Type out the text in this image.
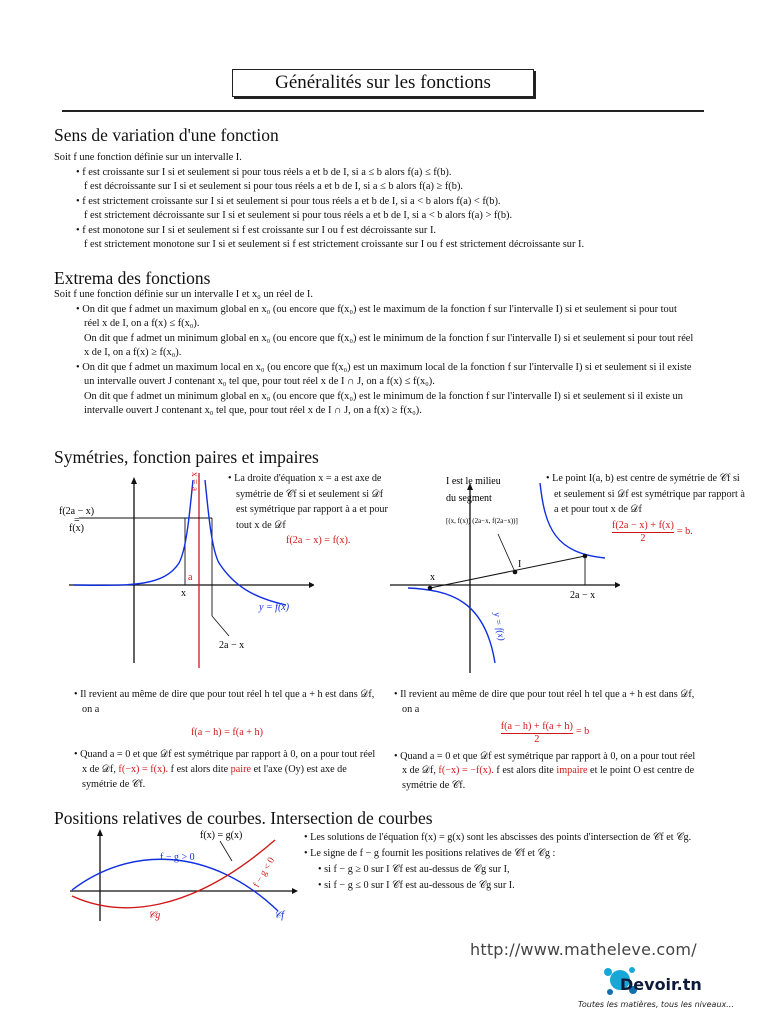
Généralités sur les fonctions
Sens de variation d'une fonction

Soit f une fonction définie sur un intervalle I.

• f est croissante sur I si et seulement si pour tous réels a et b de I, si a ≤ b alors f(a) ≤ f(b).

f est décroissante sur I si et seulement si pour tous réels a et b de I, si a ≤ b alors f(a) ≥ f(b).

• f est strictement croissante sur I si et seulement si pour tous réels a et b de I, si a < b alors f(a) < f(b).

f est strictement décroissante sur I si et seulement si pour tous réels a et b de I, si a < b alors f(a) > f(b).

• f est monotone sur I si et seulement si f est croissante sur I ou f est décroissante sur I.

f est strictement monotone sur I si et seulement si f est strictement croissante sur I ou f est strictement décroissante sur I.

Extrema des fonctions

Soit f une fonction définie sur un intervalle I et x₀ un réel de I.

• On dit que f admet un maximum global en x₀ (ou encore que f(x₀) est le maximum de la fonction f sur l'intervalle I) si et seulement si pour tout réel x de I, on a f(x) ≤ f(x₀).

On dit que f admet un minimum global en x₀ (ou encore que f(x₀) est le minimum de la fonction f sur l'intervalle I) si et seulement si pour tout réel x de I, on a f(x) ≥ f(x₀).

• On dit que f admet un maximum local en x₀ (ou encore que f(x₀) est un maximum local de la fonction f sur l'intervalle I) si et seulement si il existe un intervalle ouvert J contenant x₀ tel que, pour tout réel x de I ∩ J, on a f(x) ≤ f(x₀).

On dit que f admet un minimum global en x₀ (ou encore que f(x₀) est le minimum de la fonction f sur l'intervalle I) si et seulement si il existe un intervalle ouvert J contenant x₀ tel que, pour tout réel x de I ∩ J, on a f(x) ≥ f(x₀).

Symétries, fonction paires et impaires
f(2a − x)
=
f(x)
x = a
a
x
2a − x
y = f(x)
• La droite d'équation x = a est axe de symétrie de 𝒞f si et seulement si 𝒟f est symétrique par rapport à a et pour tout x de 𝒟f
f(2a − x) = f(x).
I est le milieu
du segment
[(x, f(x)) (2a−x, f(2a−x))]
I
x
2a − x
y = f(x)
• Le point I(a, b) est centre de symétrie de 𝒞f si et seulement si 𝒟f est symétrique par rapport à a et pour tout x de 𝒟f
$\frac{f(2a - x) + f(x)}{2} = b$.

• Il revient au même de dire que pour tout réel h tel que a + h est dans 𝒟f, on a

f(a − h) = f(a + h)

• Quand a = 0 et que 𝒟f est symétrique par rapport à 0, on a pour tout réel x de 𝒟f, f(−x) = f(x). f est alors dite paire et l'axe (Oy) est axe de symétrie de 𝒞f.

• Il revient au même de dire que pour tout réel h tel que a + h est dans 𝒟f, on a

$\frac{f(a - h) + f(a + h)}{2} = b$

• Quand a = 0 et que 𝒟f est symétrique par rapport à 0, on a pour tout réel x de 𝒟f, f(−x) = −f(x). f est alors dite impaire et le point O est centre de symétrie de 𝒞f.

Positions relatives de courbes. Intersection de courbes
f(x) = g(x)
f − g > 0	f − g < 0
𝒞g	𝒞f

• Les solutions de l'équation f(x) = g(x) sont les abscisses des points d'intersection de 𝒞f et 𝒞g.

• Le signe de f − g fournit les positions relatives de 𝒞f et 𝒞g :

• si f − g ≥ 0 sur I 𝒞f est au-dessus de 𝒞g sur I,

• si f − g ≤ 0 sur I 𝒞f est au-dessous de 𝒞g sur I.

http://www.matheleve.com/
Devoir.tn
Toutes les matières, tous les niveaux...
